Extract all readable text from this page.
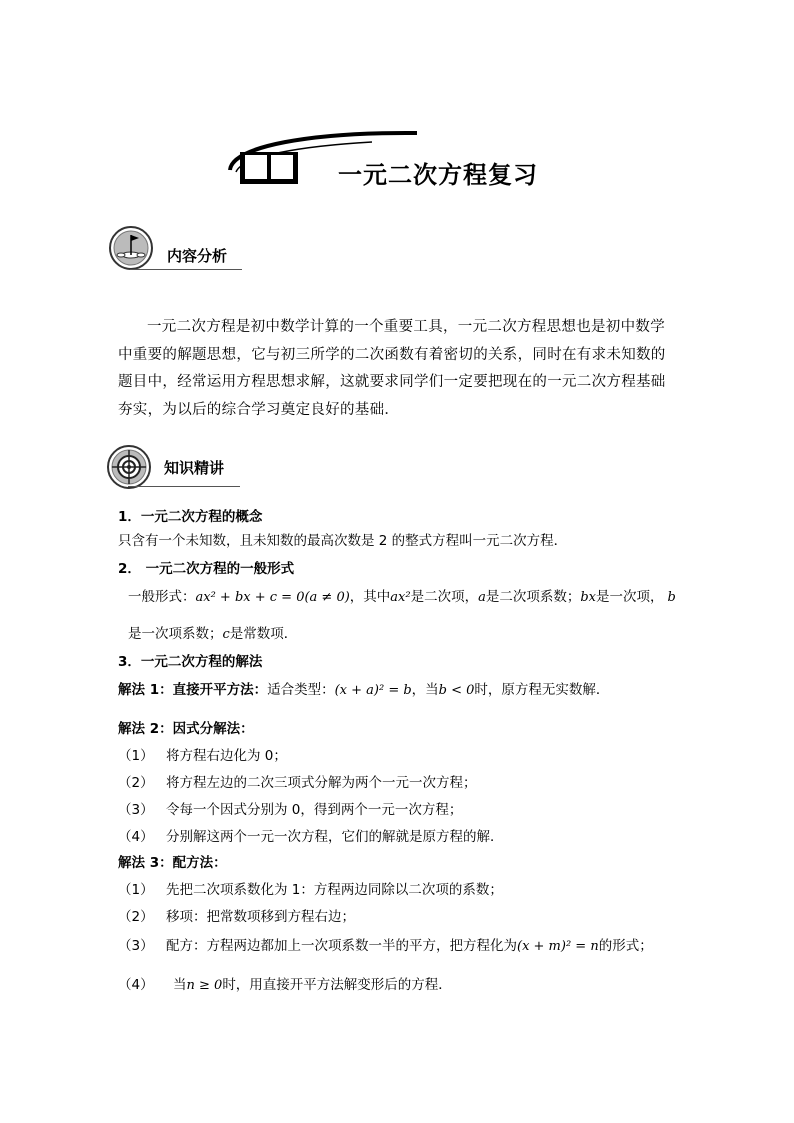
一元二次方程复习
内容分析
一元二次方程是初中数学计算的一个重要工具，一元二次方程思想也是初中数学中重要的解题思想，它与初三所学的二次函数有着密切的关系，同时在有求未知数的题目中，经常运用方程思想求解，这就要求同学们一定要把现在的一元二次方程基础夯实，为以后的综合学习奠定良好的基础．
知识精讲
1．一元二次方程的概念
只含有一个未知数，且未知数的最高次数是 2 的整式方程叫一元二次方程．
2． 一元二次方程的一般形式
一般形式：ax² + bx + c = 0(a ≠ 0)，其中ax²是二次项，a是二次项系数；bx是一次项， b
是一次项系数；c是常数项．
3．一元二次方程的解法
解法 1：直接开平方法：适合类型：(x + a)² = b，当b < 0时，原方程无实数解．
解法 2：因式分解法：
（1） 将方程右边化为 0；
（2） 将方程左边的二次三项式分解为两个一元一次方程；
（3） 令每一个因式分别为 0，得到两个一元一次方程；
（4） 分别解这两个一元一次方程，它们的解就是原方程的解．
解法 3：配方法：
（1） 先把二次项系数化为 1：方程两边同除以二次项的系数；
（2） 移项：把常数项移到方程右边；
（3） 配方：方程两边都加上一次项系数一半的平方，把方程化为(x + m)² = n的形式；
（4） 当n ≥ 0时，用直接开平方法解变形后的方程．
